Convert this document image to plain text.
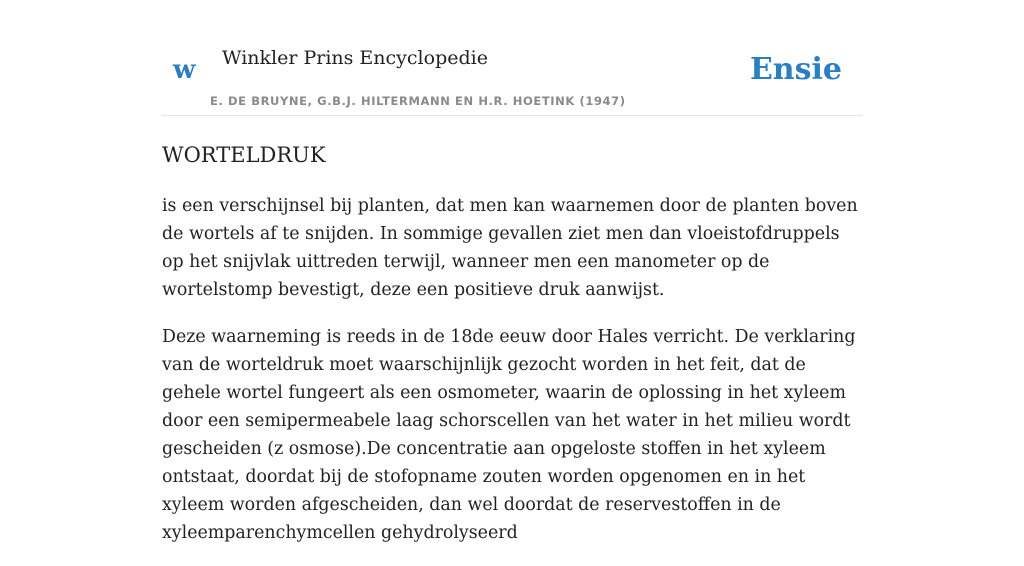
w Winkler Prins Encyclopedie
E. DE BRUYNE, G.B.J. HILTERMANN EN H.R. HOETINK (1947)
Ensie
WORTELDRUK

is een verschijnsel bij planten, dat men kan waarnemen door de planten boven de wortels af te snijden. In sommige gevallen ziet men dan vloeistofdruppels op het snijvlak uittreden terwijl, wanneer men een manometer op de wortelstomp bevestigt, deze een positieve druk aanwijst.

Deze waarneming is reeds in de 18de eeuw door Hales verricht. De verklaring van de worteldruk moet waarschijnlijk gezocht worden in het feit, dat de gehele wortel fungeert als een osmometer, waarin de oplossing in het xyleem door een semipermeabele laag schorscellen van het water in het milieu wordt gescheiden (z osmose).De concentratie aan opgeloste stoffen in het xyleem ontstaat, doordat bij de stofopname zouten worden opgenomen en in het xyleem worden afgescheiden, dan wel doordat de reservestoffen in de xyleemparenchymcellen gehydrolyseerd
